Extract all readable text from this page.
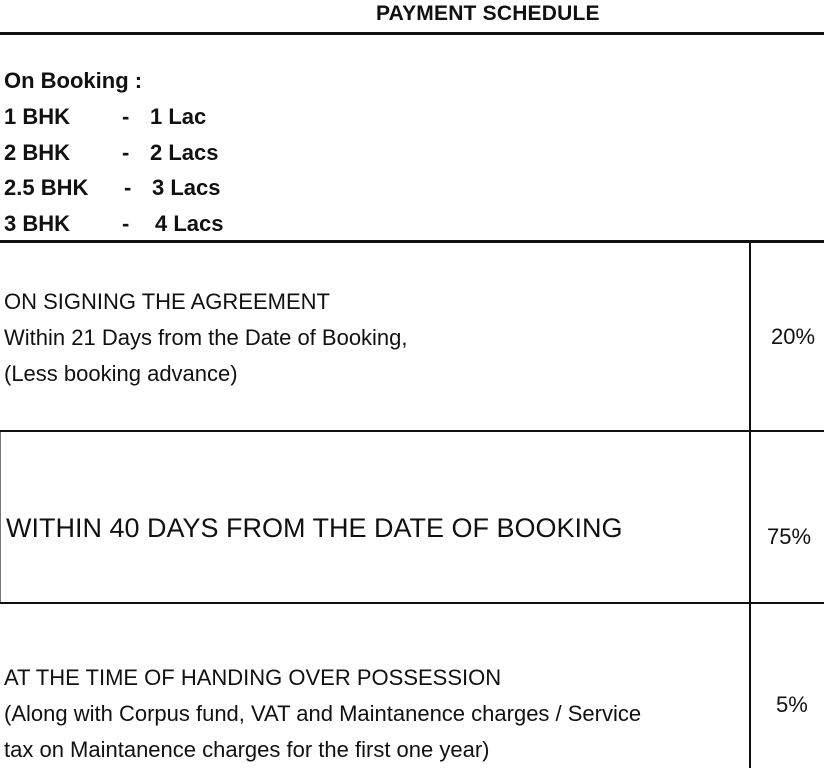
PAYMENT SCHEDULE
On Booking :
1 BHK - 1 Lac
2 BHK - 2 Lacs
2.5 BHK - 3 Lacs
3 BHK - 4 Lacs
ON SIGNING THE AGREEMENT
Within 21 Days from the Date of Booking,
(Less booking advance)
20%
WITHIN 40 DAYS FROM THE DATE OF BOOKING	75%
AT THE TIME OF HANDING OVER POSSESSION
(Along with Corpus fund, VAT and Maintanence charges / Service
tax on Maintanence charges for the first one year)
5%
